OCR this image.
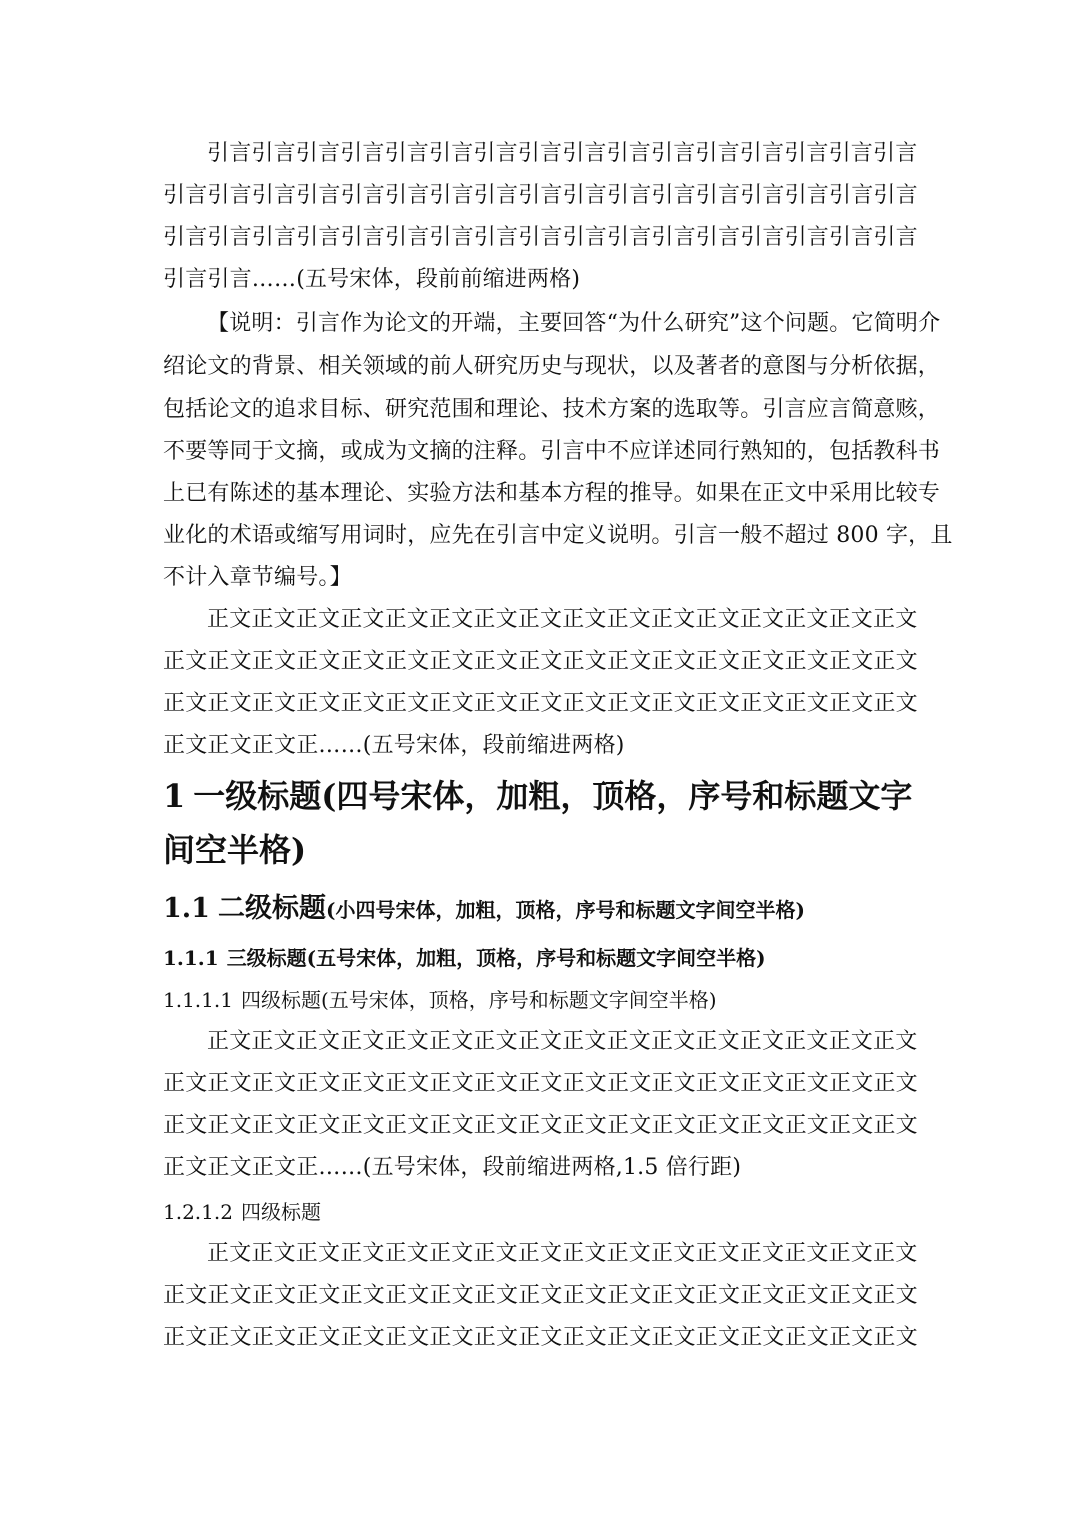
引言引言引言引言引言引言引言引言引言引言引言引言引言引言引言引言
引言引言引言引言引言引言引言引言引言引言引言引言引言引言引言引言引言
引言引言引言引言引言引言引言引言引言引言引言引言引言引言引言引言引言
引言引言……(五号宋体，段前前缩进两格)
【说明：引言作为论文的开端，主要回答“为什么研究”这个问题。它简明介
绍论文的背景、相关领域的前人研究历史与现状，以及著者的意图与分析依据，
包括论文的追求目标、研究范围和理论、技术方案的选取等。引言应言简意赅，
不要等同于文摘，或成为文摘的注释。引言中不应详述同行熟知的，包括教科书
上已有陈述的基本理论、实验方法和基本方程的推导。如果在正文中采用比较专
业化的术语或缩写用词时，应先在引言中定义说明。引言一般不超过 800 字，且
不计入章节编号。】
正文正文正文正文正文正文正文正文正文正文正文正文正文正文正文正文
正文正文正文正文正文正文正文正文正文正文正文正文正文正文正文正文正文
正文正文正文正文正文正文正文正文正文正文正文正文正文正文正文正文正文
正文正文正文正……(五号宋体，段前缩进两格)
1 一级标题(四号宋体，加粗，顶格，序号和标题文字
间空半格)
1.1 二级标题(小四号宋体，加粗，顶格，序号和标题文字间空半格)
1.1.1 三级标题(五号宋体，加粗，顶格，序号和标题文字间空半格)
1.1.1.1 四级标题(五号宋体，顶格，序号和标题文字间空半格)
正文正文正文正文正文正文正文正文正文正文正文正文正文正文正文正文
正文正文正文正文正文正文正文正文正文正文正文正文正文正文正文正文正文
正文正文正文正文正文正文正文正文正文正文正文正文正文正文正文正文正文
正文正文正文正……(五号宋体，段前缩进两格,1.5 倍行距)
1.2.1.2 四级标题
正文正文正文正文正文正文正文正文正文正文正文正文正文正文正文正文
正文正文正文正文正文正文正文正文正文正文正文正文正文正文正文正文正文
正文正文正文正文正文正文正文正文正文正文正文正文正文正文正文正文正文
